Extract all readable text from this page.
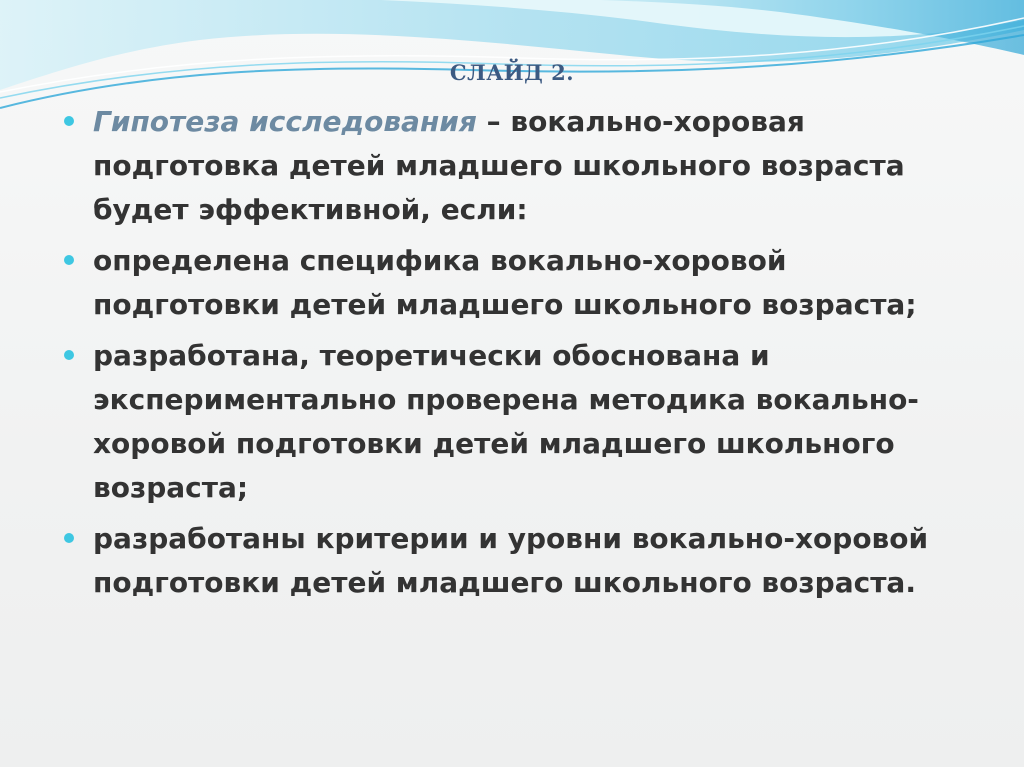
СЛАЙД 2.
Гипотеза исследования – вокально-хоровая подготовка детей младшего школьного возраста будет эффективной, если:
определена специфика вокально-хоровой подготовки детей младшего школьного возраста;
разработана, теоретически обоснована и экспериментально проверена методика вокально-хоровой подготовки детей младшего школьного возраста;
разработаны критерии и уровни вокально-хоровой подготовки детей младшего школьного возраста.
